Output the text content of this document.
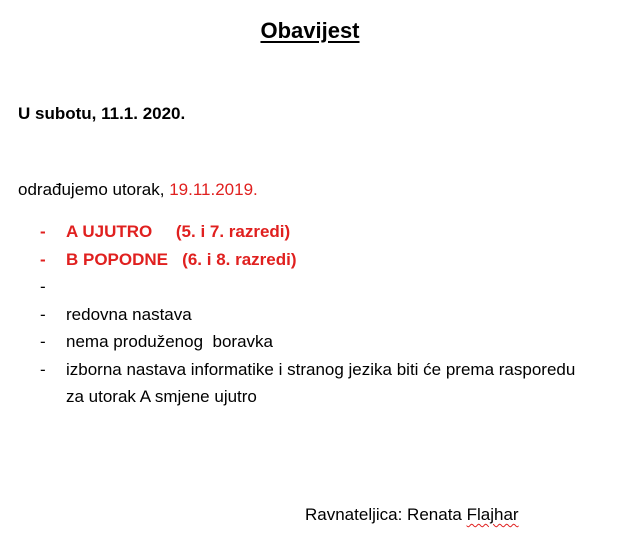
Obavijest
U subotu, 11.1. 2020.
odrađujemo utorak, 19.11.2019.
- A UJUTRO     (5. i 7. razredi)
- B POPODNE   (6. i 8. razredi)
-

- redovna nastava
- nema produženog  boravka
- izborna nastava informatike i stranog jezika biti će prema rasporedu  za utorak A smjene ujutro
Ravnateljica: Renata Flajhar
